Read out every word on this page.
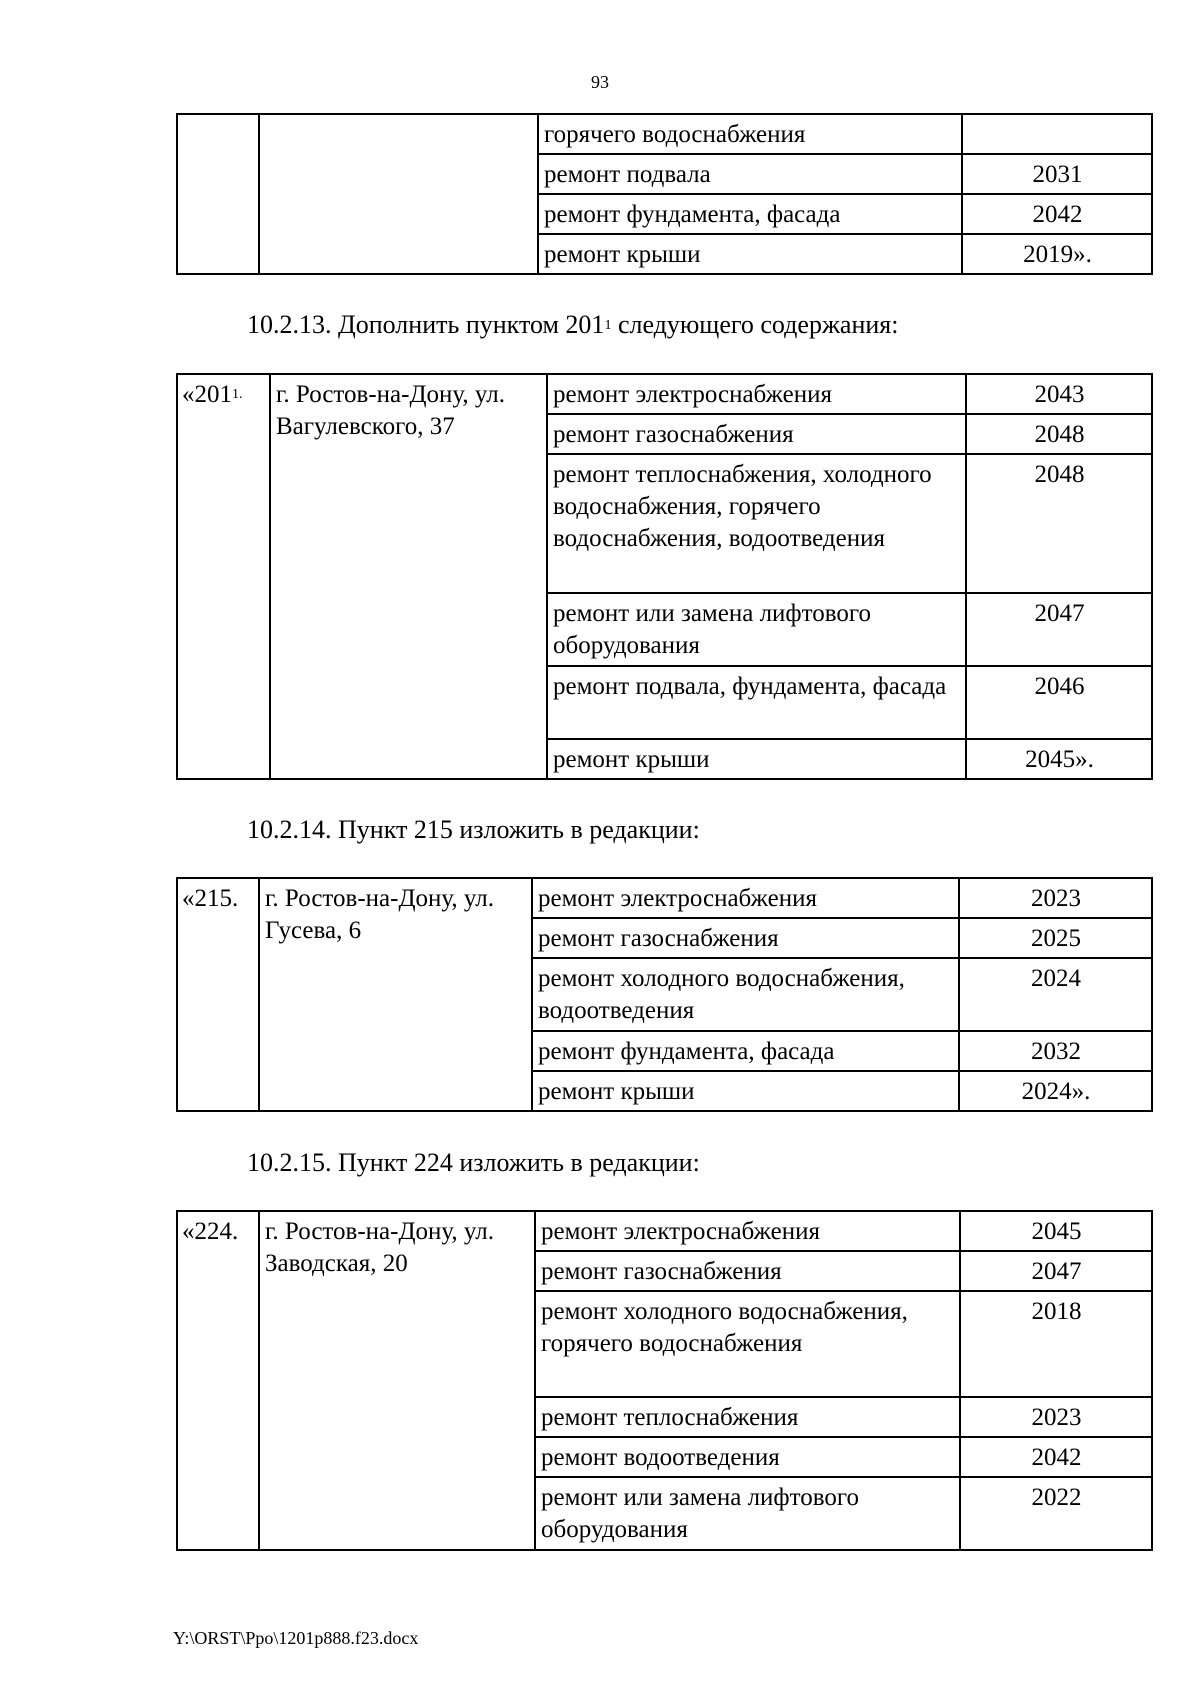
93
		горячего водоснабжения	
		ремонт подвала	2031
		ремонт фундамента, фасада	2042
		ремонт крыши	2019».
10.2.13. Дополнить пунктом $201^1$ следующего содержания:
«$201^{1.}$	г. Ростов-на-Дону, ул. Вагулевского, 37	ремонт электроснабжения	2043
		ремонт газоснабжения	2048
		ремонт теплоснабжения, холодного водоснабжения, горячего водоснабжения, водоотведения	2048
		ремонт или замена лифтового оборудования	2047
		ремонт подвала, фундамента, фасада	2046
		ремонт крыши	2045».
10.2.14. Пункт 215 изложить в редакции:
«215.	г. Ростов-на-Дону, ул. Гусева, 6	ремонт электроснабжения	2023
		ремонт газоснабжения	2025
		ремонт холодного водоснабжения, водоотведения	2024
		ремонт фундамента, фасада	2032
		ремонт крыши	2024».
10.2.15. Пункт 224 изложить в редакции:
«224.	г. Ростов-на-Дону, ул. Заводская, 20	ремонт электроснабжения	2045
		ремонт газоснабжения	2047
		ремонт холодного водоснабжения, горячего водоснабжения	2018
		ремонт теплоснабжения	2023
		ремонт водоотведения	2042
		ремонт или замена лифтового оборудования	2022
Y:\ORST\Ppo\1201p888.f23.docx
